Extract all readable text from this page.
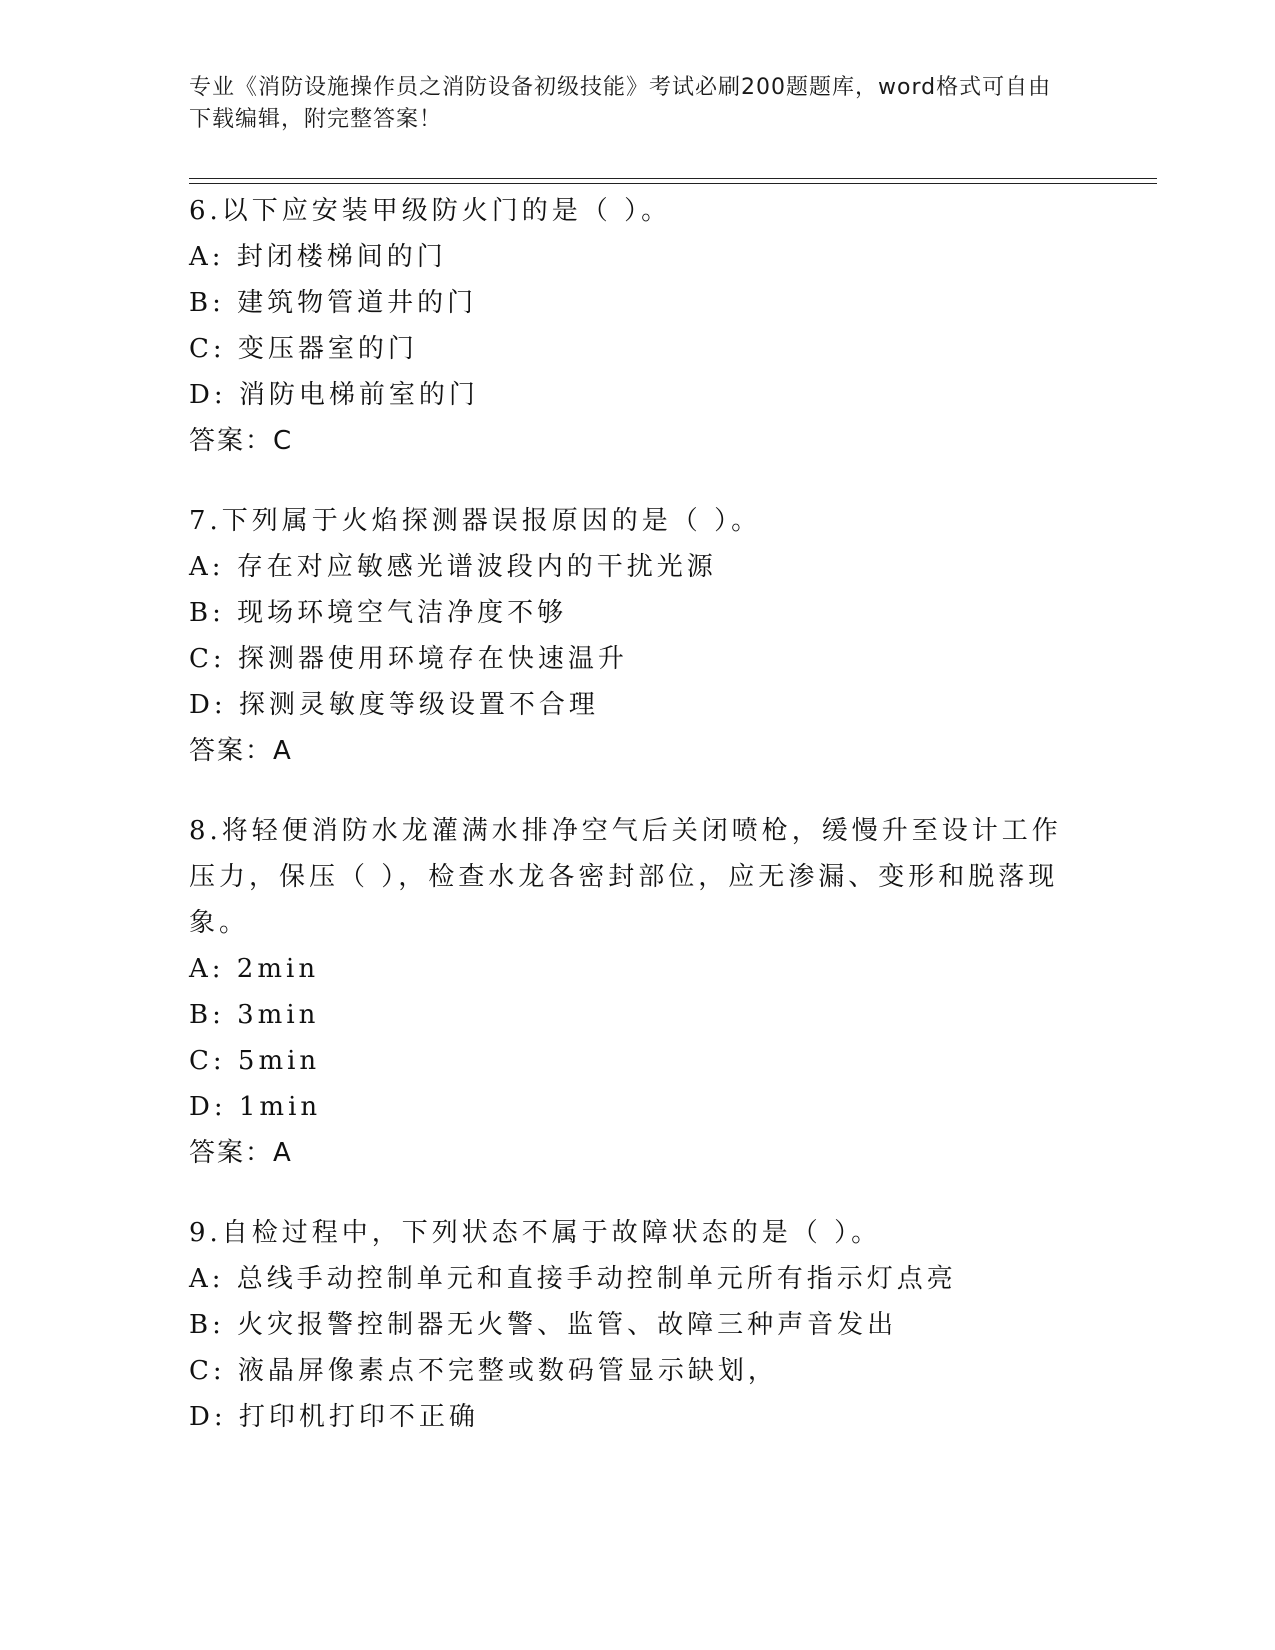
专业《消防设施操作员之消防设备初级技能》考试必刷200题题库，word格式可自由下载编辑，附完整答案！

6.以下应安装甲级防火门的是（ ）。

A: 封闭楼梯间的门

B: 建筑物管道井的门

C: 变压器室的门

D: 消防电梯前室的门

答案：C

7.下列属于火焰探测器误报原因的是（ ）。

A: 存在对应敏感光谱波段内的干扰光源

B: 现场环境空气洁净度不够

C: 探测器使用环境存在快速温升

D: 探测灵敏度等级设置不合理

答案：A

8.将轻便消防水龙灌满水排净空气后关闭喷枪，缓慢升至设计工作压力，保压（ ），检查水龙各密封部位，应无渗漏、变形和脱落现象。

A: 2min

B: 3min

C: 5min

D: 1min

答案：A

9.自检过程中，下列状态不属于故障状态的是（ ）。

A: 总线手动控制单元和直接手动控制单元所有指示灯点亮

B: 火灾报警控制器无火警、监管、故障三种声音发出

C: 液晶屏像素点不完整或数码管显示缺划，

D: 打印机打印不正确
